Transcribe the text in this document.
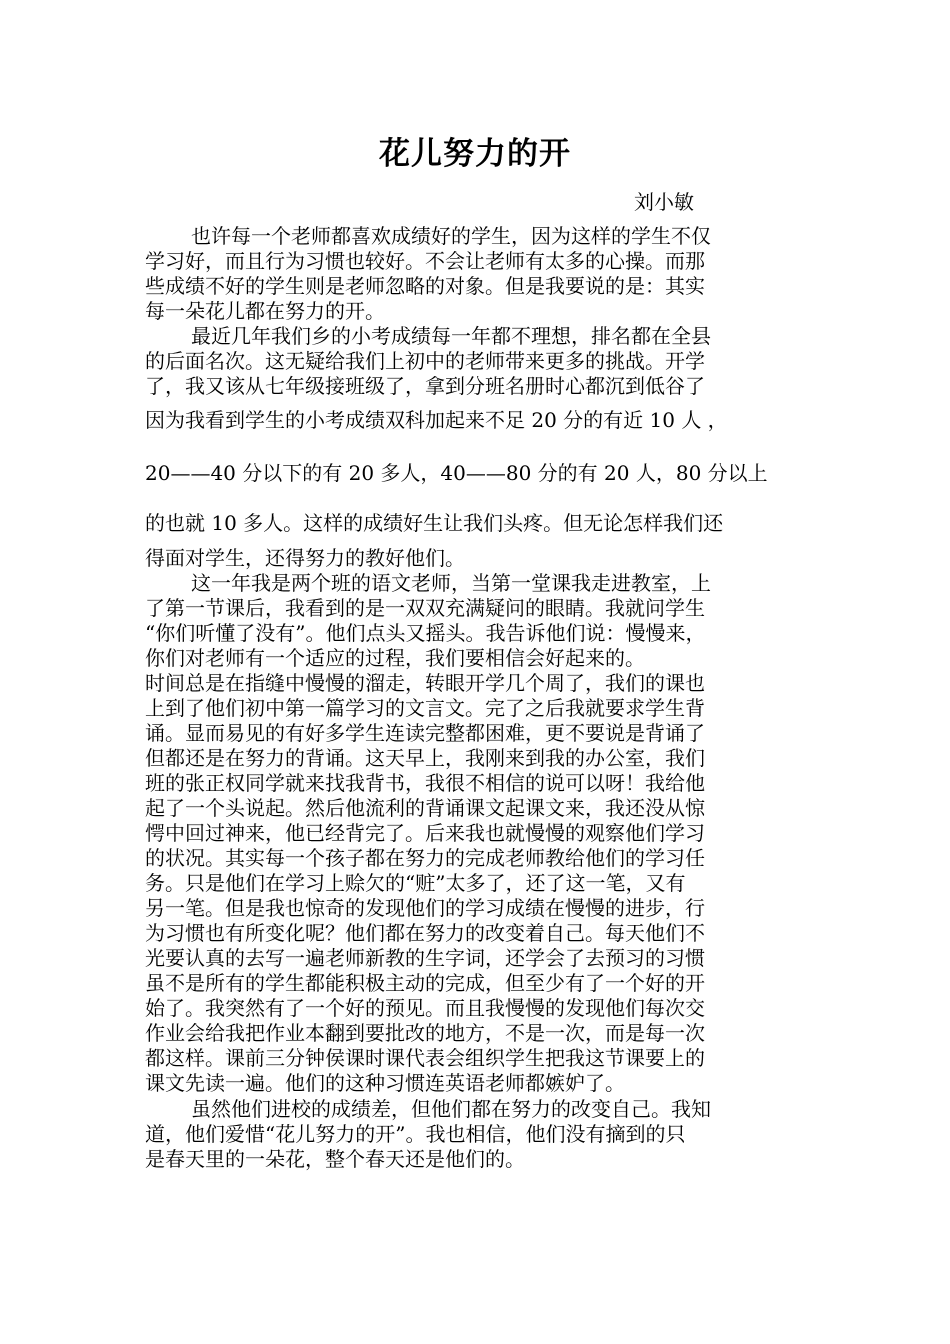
花儿努力的开
刘小敏
也许每一个老师都喜欢成绩好的学生，因为这样的学生不仅
学习好，而且行为习惯也较好。不会让老师有太多的心操。而那
些成绩不好的学生则是老师忽略的对象。但是我要说的是：其实
每一朵花儿都在努力的开。
最近几年我们乡的小考成绩每一年都不理想，排名都在全县
的后面名次。这无疑给我们上初中的老师带来更多的挑战。开学
了，我又该从七年级接班级了，拿到分班名册时心都沉到低谷了
因为我看到学生的小考成绩双科加起来不足 20 分的有近 10 人 ，
20——40 分以下的有 20 多人，40——80 分的有 20 人，80 分以上
的也就 10 多人。这样的成绩好生让我们头疼。但无论怎样我们还
得面对学生，还得努力的教好他们。
这一年我是两个班的语文老师，当第一堂课我走进教室，上
了第一节课后，我看到的是一双双充满疑问的眼睛。我就问学生
“你们听懂了没有”。他们点头又摇头。我告诉他们说：慢慢来，
你们对老师有一个适应的过程，我们要相信会好起来的。
时间总是在指缝中慢慢的溜走，转眼开学几个周了，我们的课也
上到了他们初中第一篇学习的文言文。完了之后我就要求学生背
诵。显而易见的有好多学生连读完整都困难，更不要说是背诵了
但都还是在努力的背诵。这天早上，我刚来到我的办公室，我们
班的张正权同学就来找我背书，我很不相信的说可以呀！我给他
起了一个头说起。然后他流利的背诵课文起课文来，我还没从惊
愕中回过神来，他已经背完了。后来我也就慢慢的观察他们学习
的状况。其实每一个孩子都在努力的完成老师教给他们的学习任
务。只是他们在学习上赊欠的“赃”太多了，还了这一笔，又有
另一笔。但是我也惊奇的发现他们的学习成绩在慢慢的进步，行
为习惯也有所变化呢？他们都在努力的改变着自己。每天他们不
光要认真的去写一遍老师新教的生字词，还学会了去预习的习惯
虽不是所有的学生都能积极主动的完成，但至少有了一个好的开
始了。我突然有了一个好的预见。而且我慢慢的发现他们每次交
作业会给我把作业本翻到要批改的地方，不是一次，而是每一次
都这样。课前三分钟侯课时课代表会组织学生把我这节课要上的
课文先读一遍。他们的这种习惯连英语老师都嫉妒了。
虽然他们进校的成绩差，但他们都在努力的改变自己。我知
道，他们爱惜“花儿努力的开”。我也相信，他们没有摘到的只
是春天里的一朵花，整个春天还是他们的。
